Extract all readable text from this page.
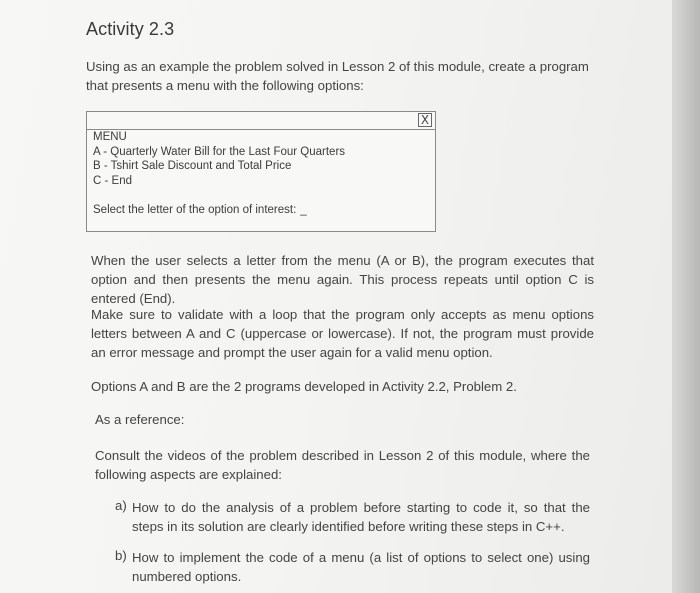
Activity 2.3
Using as an example the problem solved in Lesson 2 of this module, create a program that presents a menu with the following options:
X
MENU
A - Quarterly Water Bill for the Last Four Quarters
B - Tshirt Sale Discount and Total Price
C - End
Select the letter of the option of interest: _
When the user selects a letter from the menu (A or B), the program executes that option and then presents the menu again. This process repeats until option C is entered (End).
Make sure to validate with a loop that the program only accepts as menu options letters between A and C (uppercase or lowercase). If not, the program must provide an error message and prompt the user again for a valid menu option.
Options A and B are the 2 programs developed in Activity 2.2, Problem 2.
As a reference:
Consult the videos of the problem described in Lesson 2 of this module, where the following aspects are explained:
a) How to do the analysis of a problem before starting to code it, so that the steps in its solution are clearly identified before writing these steps in C++.
b) How to implement the code of a menu (a list of options to select one) using numbered options.
